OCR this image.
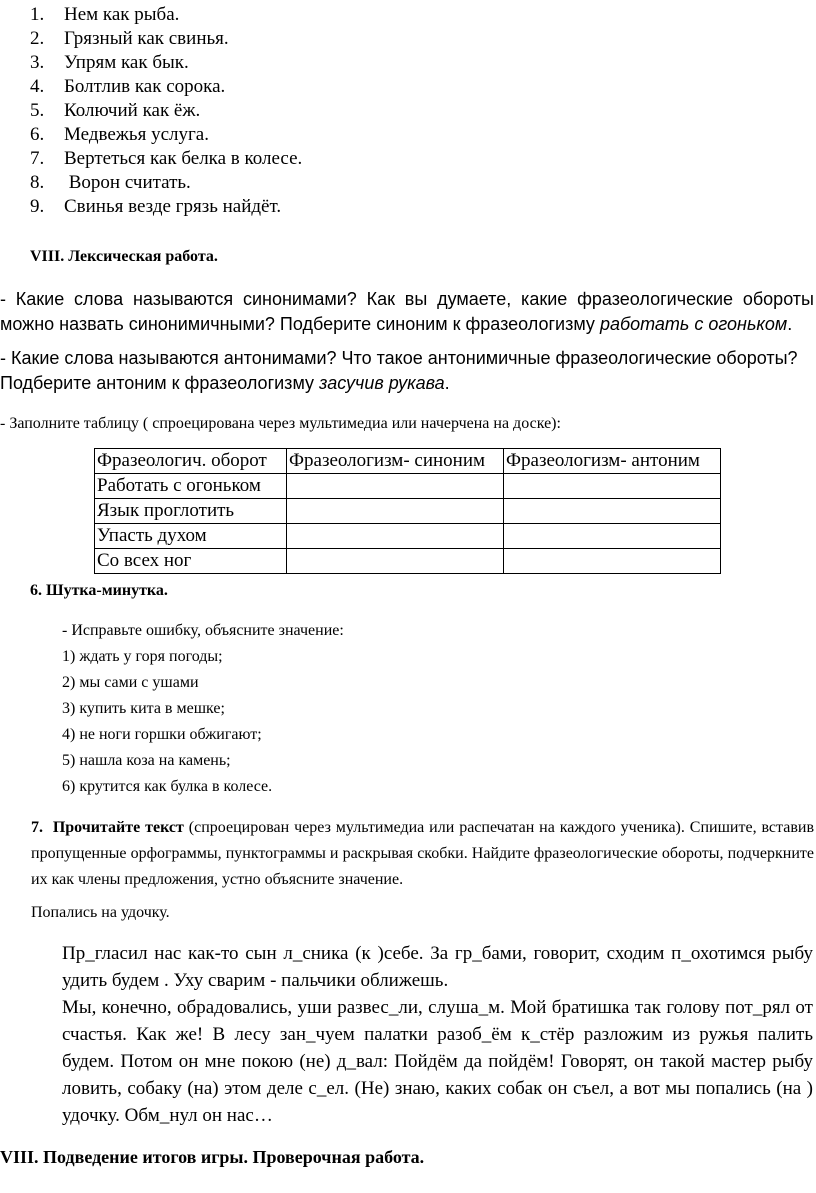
1. Нем как рыба.
2. Грязный как свинья.
3. Упрям как бык.
4. Болтлив как сорока.
5. Колючий как ёж.
6. Медвежья услуга.
7. Вертеться как белка в колесе.
8. Ворон считать.
9. Свинья везде грязь найдёт.
VIII. Лексическая работа.
- Какие слова называются синонимами? Как вы думаете, какие фразеологические обороты можно назвать синонимичными? Подберите синоним к фразеологизму работать с огоньком.
- Какие слова называются антонимами? Что такое антонимичные фразеологические обороты? Подберите антоним к фразеологизму засучив рукава.
- Заполните таблицу ( спроецирована через мультимедиа или начерчена на доске):
Фразеологич. оборот	Фразеологизм- синоним	Фразеологизм- антоним
Работать с огоньком		
Язык проглотить		
Упасть духом		
Со всех ног		
6. Шутка-минутка.
- Исправьте ошибку, объясните значение:
1) ждать у горя погоды;
2) мы сами с ушами
3) купить кита в мешке;
4) не ноги горшки обжигают;
5) нашла коза на камень;
6) крутится как булка в колесе.
7.  Прочитайте текст (спроецирован через мультимедиа или распечатан на каждого ученика). Спишите, вставив пропущенные орфограммы, пунктограммы и раскрывая скобки. Найдите фразеологические обороты, подчеркните их как члены предложения, устно объясните значение.
Попались на удочку.
Пр_гласил нас как-то сын л_сника (к )себе. За гр_бами, говорит, сходим п_охотимся рыбу удить будем . Уху сварим - пальчики оближешь.
Мы, конечно, обрадовались, уши развес_ли, слуша_м. Мой братишка так голову пот_рял от счастья. Как же! В лесу зан_чуем палатки разоб_ём к_стёр разложим из ружья палить будем. Потом он мне покою (не) д_вал: Пойдём да пойдём! Говорят, он такой мастер рыбу ловить, собаку (на) этом деле с_ел. (Не) знаю, каких собак он съел, а вот мы попались (на ) удочку. Обм_нул он нас…
VIII. Подведение итогов игры. Проверочная работа.
